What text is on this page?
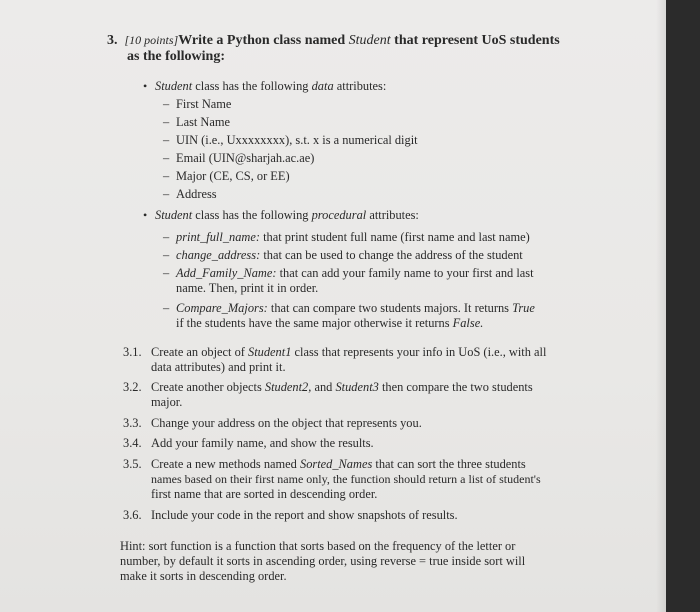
3. [10 points]Write a Python class named Student that represent UoS students
as the following:
• Student class has the following data attributes:
– First Name
– Last Name
– UIN (i.e., Uxxxxxxxx), s.t. x is a numerical digit
– Email (UIN@sharjah.ac.ae)
– Major (CE, CS, or EE)
– Address
• Student class has the following procedural attributes:
– print_full_name: that print student full name (first name and last name)
– change_address: that can be used to change the address of the student
– Add_Family_Name: that can add your family name to your first and last
name. Then, print it in order.
– Compare_Majors: that can compare two students majors. It returns True
if the students have the same major otherwise it returns False.
3.1. Create an object of Student1 class that represents your info in UoS (i.e., with all
data attributes) and print it.
3.2. Create another objects Student2, and Student3 then compare the two students
major.
3.3. Change your address on the object that represents you.
3.4. Add your family name, and show the results.
3.5. Create a new methods named Sorted_Names that can sort the three students
names based on their first name only, the function should return a list of student's
first name that are sorted in descending order.
3.6. Include your code in the report and show snapshots of results.
Hint: sort function is a function that sorts based on the frequency of the letter or
number, by default it sorts in ascending order, using reverse = true inside sort will
make it sorts in descending order.
